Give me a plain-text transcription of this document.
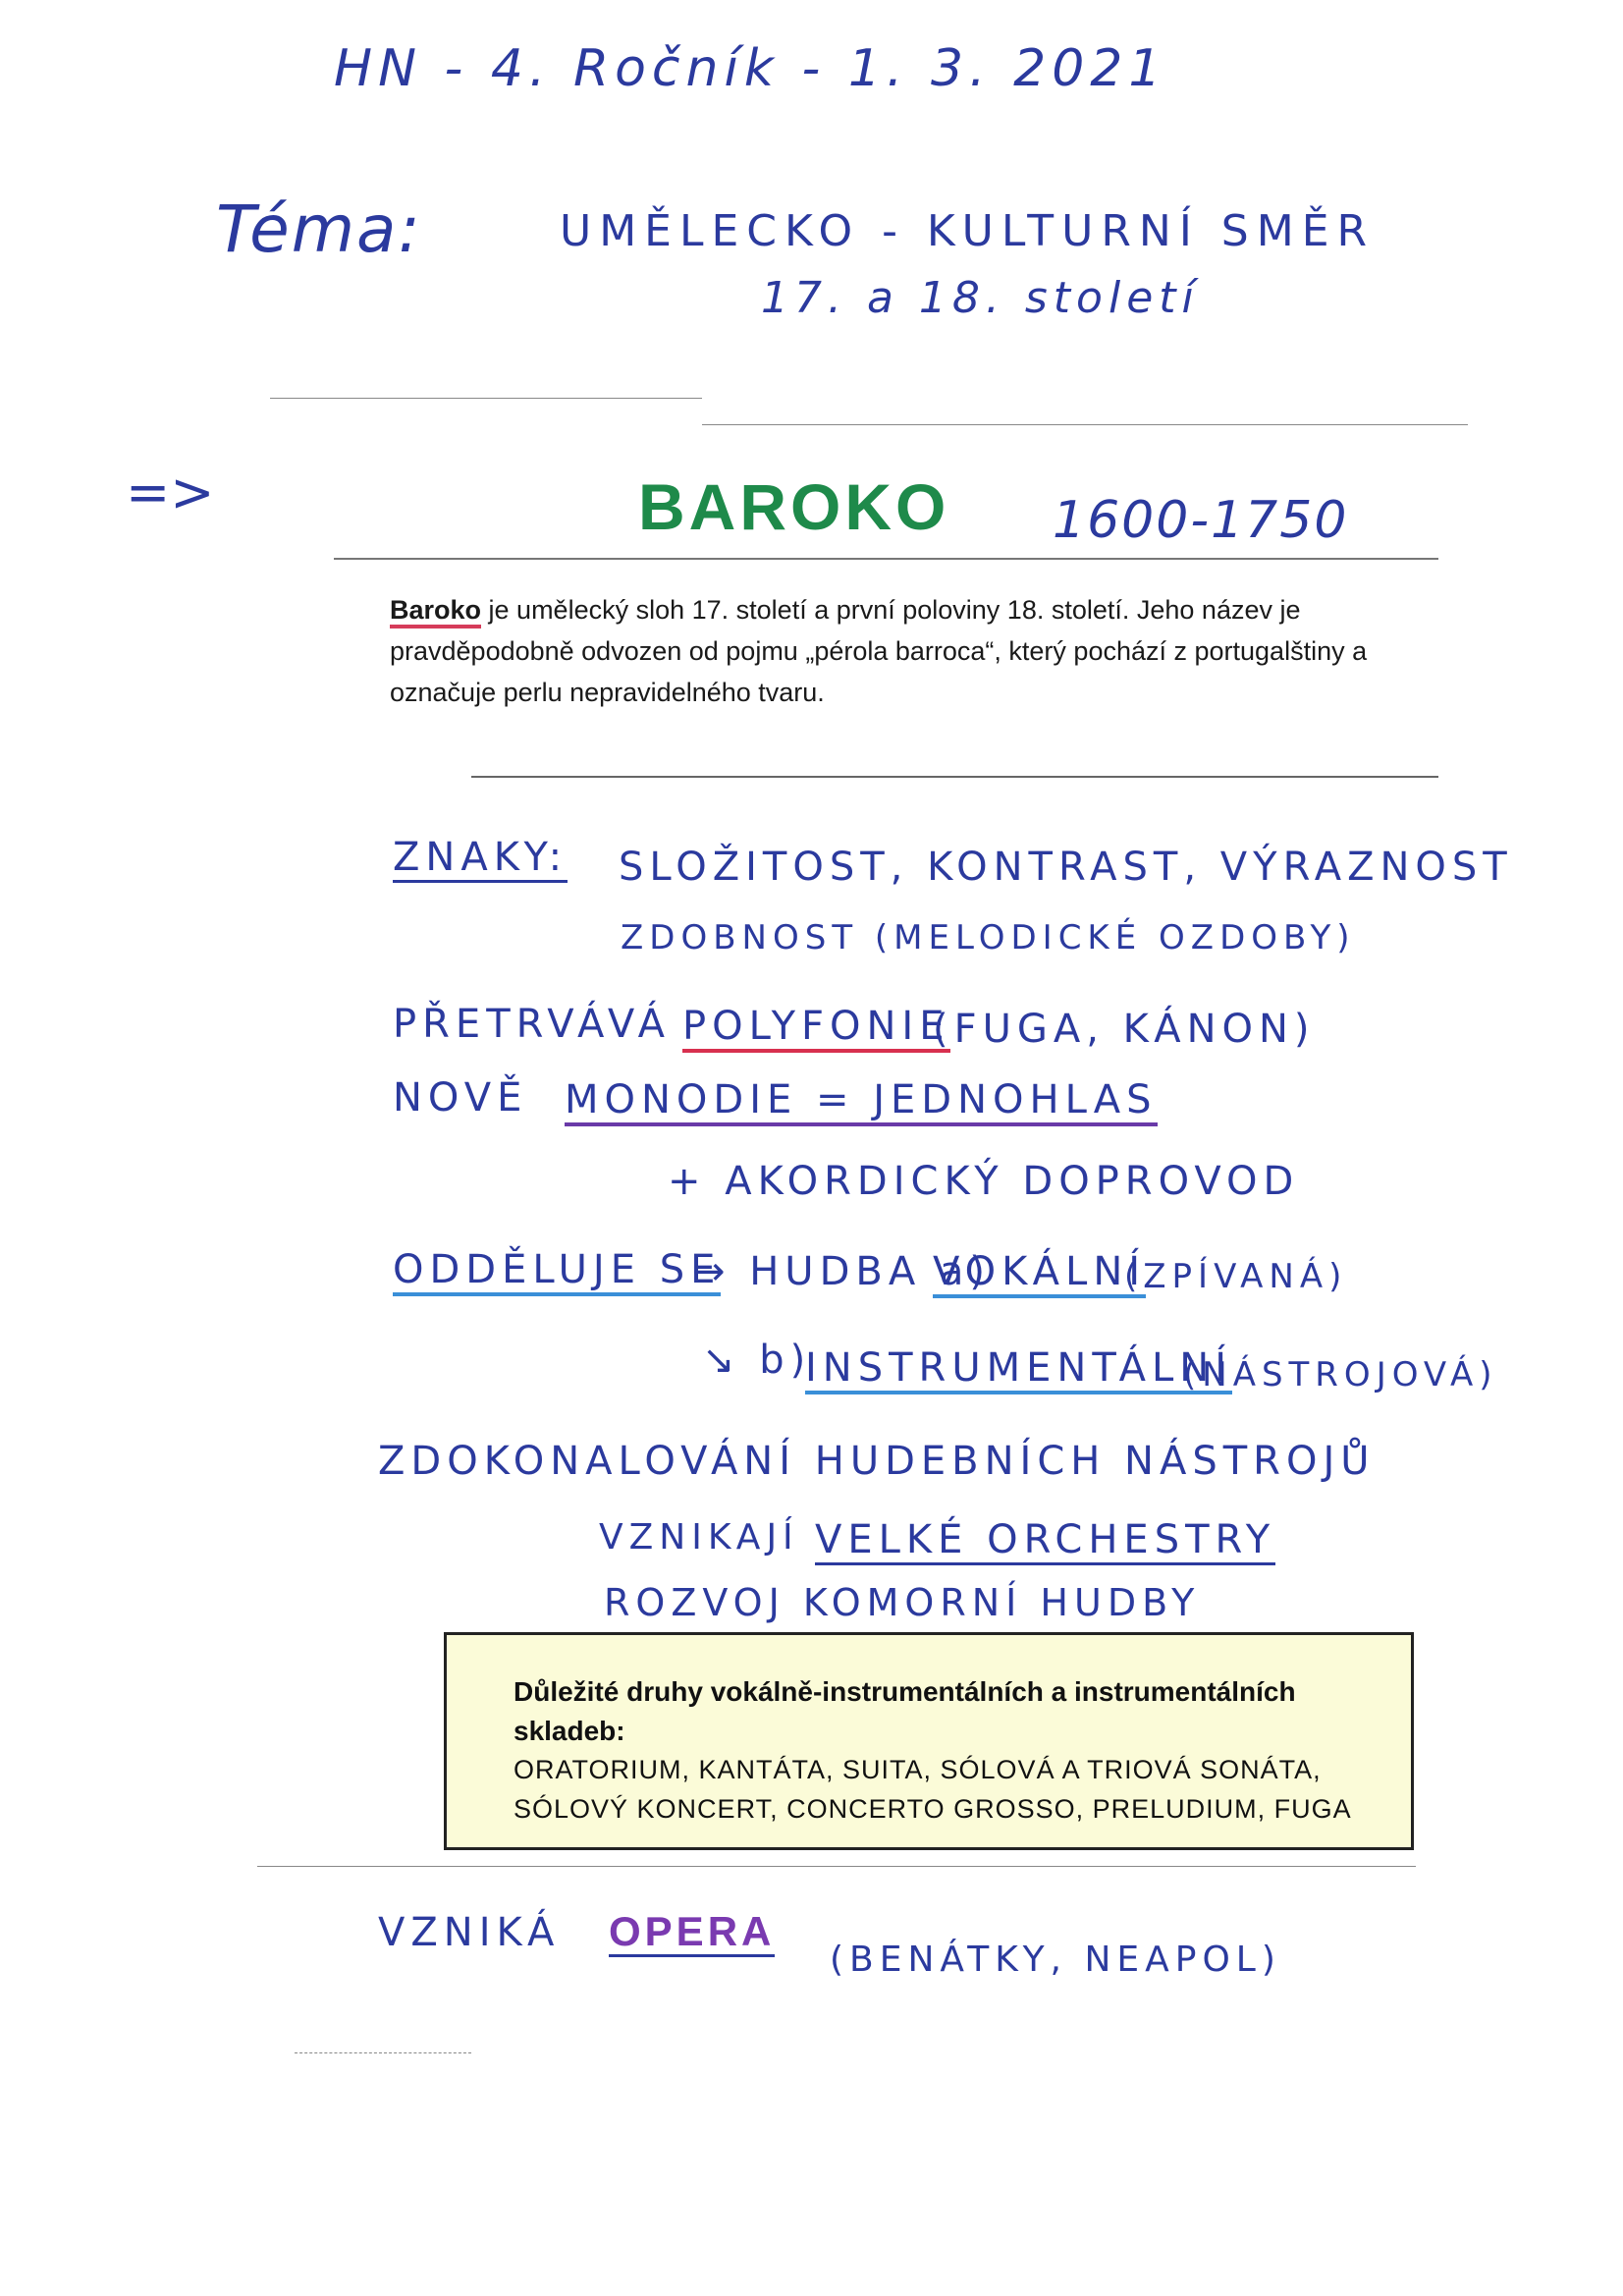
HN - 4. Ročník - 1. 3. 2021
Téma:	UMĚLECKO - KULTURNÍ SMĚR
17. a 18. století
=>	BAROKO 1600-1750
Baroko je umělecký sloh 17. století a první poloviny 18. století. Jeho název je pravděpodobně odvozen od pojmu „pérola barroca“, který pochází z portugalštiny a označuje perlu nepravidelného tvaru.
ZNAKY: SLOŽITOST, KONTRAST, VÝRAZNOST
ZDOBNOST (MELODICKÉ OZDOBY)
PŘETRVÁVÁ POLYFONIE
(FUGA, KÁNON)
NOVĚ MONODIE = JEDNOHLAS
+ AKORDICKÝ DOPROVOD
ODDĚLUJE SE
→ HUDBA a)
VOKÁLNÍ
(ZPÍVANÁ)
↘ b)
INSTRUMENTÁLNÍ
(NÁSTROJOVÁ)
ZDOKONALOVÁNÍ HUDEBNÍCH NÁSTROJŮ
VZNIKAJÍ VELKÉ ORCHESTRY
ROZVOJ KOMORNÍ HUDBY
Důležité druhy vokálně-instrumentálních a instrumentálních skladeb:
ORATORIUM, KANTÁTA, SUITA, SÓLOVÁ A TRIOVÁ SONÁTA,
SÓLOVÝ KONCERT, CONCERTO GROSSO, PRELUDIUM, FUGA
VZNIKÁ OPERA
(BENÁTKY, NEAPOL)
